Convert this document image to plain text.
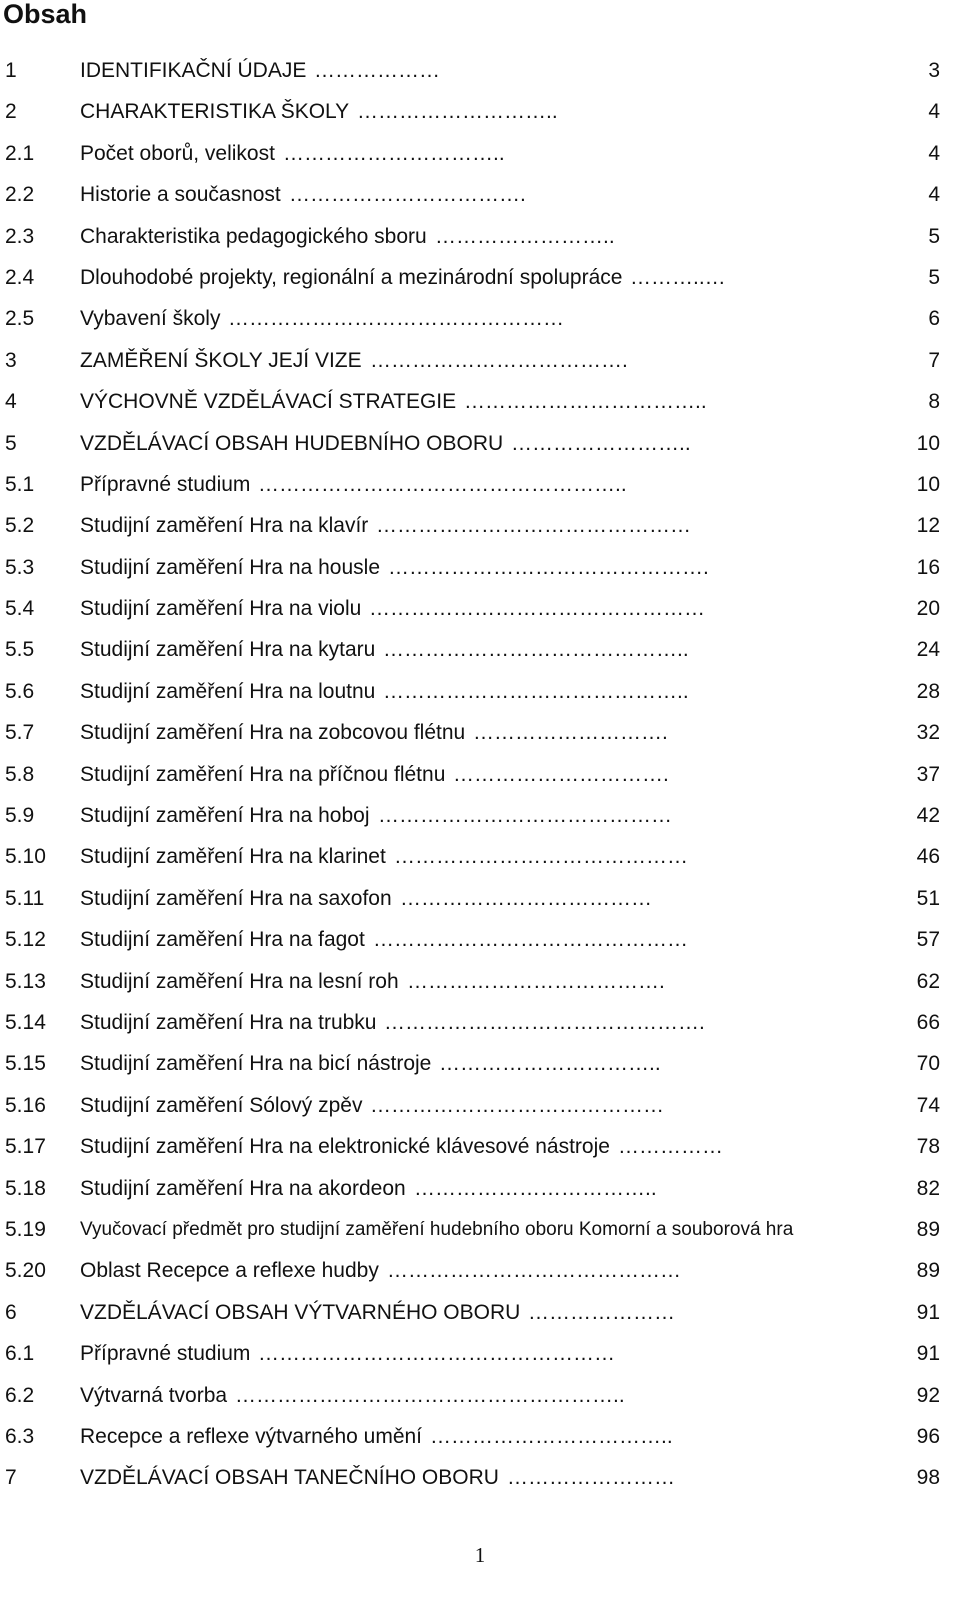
Obsah
1	IDENTIFIKAČNÍ ÚDAJE ………………	3
2	CHARAKTERISTIKA ŠKOLY ………………………..	4
2.1 Počet oborů, velikost …………………………..	4
2.2 Historie a současnost …………………………….	4
2.3 Charakteristika pedagogického sboru ……………………..	5
2.4 Dlouhodobé projekty, regionální a mezinárodní spolupráce ………..…	5
2.5 Vybavení školy …………………………………………	6
3	ZAMĚŘENÍ ŠKOLY JEJÍ VIZE ……………………………….	7
4	VÝCHOVNĚ VZDĚLÁVACÍ STRATEGIE ……………………………..	8
5	VZDĚLÁVACÍ OBSAH HUDEBNÍHO OBORU ……………………..	10
5.1 Přípravné studium ……………………………………………..	10
5.2 Studijní zaměření Hra na klavír ………………………………………	12
5.3 Studijní zaměření Hra na housle ……………………………………….	16
5.4 Studijní zaměření Hra na violu …………………………………………	20
5.5 Studijní zaměření Hra na kytaru ……………………………………..	24
5.6 Studijní zaměření Hra na loutnu ……………………………………..	28
5.7 Studijní zaměření Hra na zobcovou flétnu ……………………….	32
5.8 Studijní zaměření Hra na příčnou flétnu ………………………….	37
5.9 Studijní zaměření Hra na hoboj ……………………………………	42
5.10 Studijní zaměření Hra na klarinet ……………………………………	46
5.11 Studijní zaměření Hra na saxofon ………………………………	51
5.12 Studijní zaměření Hra na fagot ………………………………………	57
5.13 Studijní zaměření Hra na lesní roh ……………………………….	62
5.14 Studijní zaměření Hra na trubku ……………………………………….	66
5.15 Studijní zaměření Hra na bicí nástroje …………………………..	70
5.16 Studijní zaměření Sólový zpěv ……………………………………	74
5.17 Studijní zaměření Hra na elektronické klávesové nástroje ……………	78
5.18 Studijní zaměření Hra na akordeon ……………………………..	82
5.19 Vyučovací předmět pro studijní zaměření hudebního oboru Komorní a souborová hra	89
5.20 Oblast Recepce a reflexe hudby ……………………………………	89
6	VZDĚLÁVACÍ OBSAH VÝTVARNÉHO OBORU …………………	91
6.1 Přípravné studium ……………………………………………	91
6.2 Výtvarná tvorba ………………………………………………..	92
6.3 Recepce a reflexe výtvarného umění ……………………………..	96
7	VZDĚLÁVACÍ OBSAH TANEČNÍHO OBORU ……………………	98
1
